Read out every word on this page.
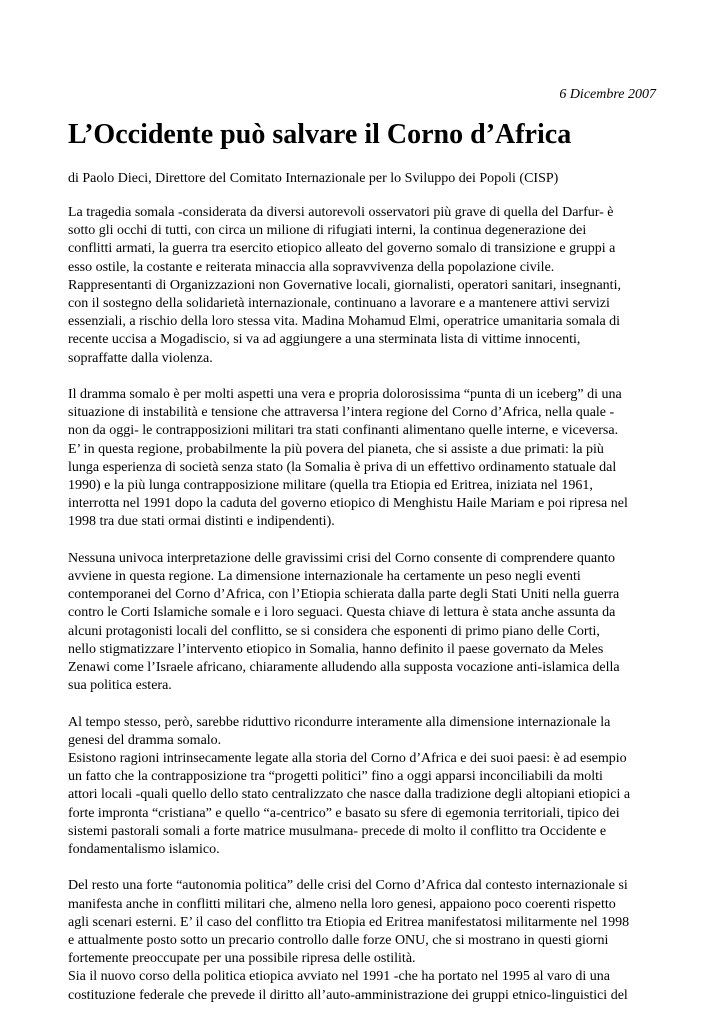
6 Dicembre 2007
L’Occidente può salvare il Corno d’Africa
di Paolo Dieci, Direttore del Comitato Internazionale per lo Sviluppo dei Popoli (CISP)
La tragedia somala -considerata da diversi autorevoli osservatori più grave di quella del Darfur- è
sotto gli occhi di tutti, con circa un milione di rifugiati interni, la continua degenerazione dei
conflitti armati, la guerra tra esercito etiopico alleato del governo somalo di transizione e gruppi a
esso ostile, la costante e reiterata minaccia alla sopravvivenza della popolazione civile.
Rappresentanti di Organizzazioni non Governative locali, giornalisti, operatori sanitari, insegnanti,
con il sostegno della solidarietà internazionale, continuano a lavorare e a mantenere attivi servizi
essenziali, a rischio della loro stessa vita. Madina Mohamud Elmi, operatrice umanitaria somala di
recente uccisa a Mogadiscio, si va ad aggiungere a una sterminata lista di vittime innocenti,
sopraffatte dalla violenza.
Il dramma somalo è per molti aspetti una vera e propria dolorosissima “punta di un iceberg” di una
situazione di instabilità e tensione che attraversa l’intera regione del Corno d’Africa, nella quale -
non da oggi- le contrapposizioni militari tra stati confinanti alimentano quelle interne, e viceversa.
E’ in questa regione, probabilmente la più povera del pianeta, che si assiste a due primati: la più
lunga esperienza di società senza stato (la Somalia è priva di un effettivo ordinamento statuale dal
1990) e la più lunga contrapposizione militare (quella tra Etiopia ed Eritrea, iniziata nel 1961,
interrotta nel 1991 dopo la caduta del governo etiopico di Menghistu Haile Mariam e poi ripresa nel
1998 tra due stati ormai distinti e indipendenti).
Nessuna univoca interpretazione delle gravissimi crisi del Corno consente di comprendere quanto
avviene in questa regione. La dimensione internazionale ha certamente un peso negli eventi
contemporanei del Corno d’Africa, con l’Etiopia schierata dalla parte degli Stati Uniti nella guerra
contro le Corti Islamiche somale e i loro seguaci. Questa chiave di lettura è stata anche assunta da
alcuni protagonisti locali del conflitto, se si considera che esponenti di primo piano delle Corti,
nello stigmatizzare l’intervento etiopico in Somalia, hanno definito il paese governato da Meles
Zenawi come l’Israele africano, chiaramente alludendo alla supposta vocazione anti-islamica della
sua politica estera.
Al tempo stesso, però, sarebbe riduttivo ricondurre interamente alla dimensione internazionale la
genesi del dramma somalo.
Esistono ragioni intrinsecamente legate alla storia del Corno d’Africa e dei suoi paesi: è ad esempio
un fatto che la contrapposizione tra “progetti politici” fino a oggi apparsi inconciliabili da molti
attori locali -quali quello dello stato centralizzato che nasce dalla tradizione degli altopiani etiopici a
forte impronta “cristiana” e quello “a-centrico” e basato su sfere di egemonia territoriali, tipico dei
sistemi pastorali somali a forte matrice musulmana- precede di molto il conflitto tra Occidente e
fondamentalismo islamico.
Del resto una forte “autonomia politica” delle crisi del Corno d’Africa dal contesto internazionale si
manifesta anche in conflitti militari che, almeno nella loro genesi, appaiono poco coerenti rispetto
agli scenari esterni. E’ il caso del conflitto tra Etiopia ed Eritrea manifestatosi militarmente nel 1998
e attualmente posto sotto un precario controllo dalle forze ONU, che si mostrano in questi giorni
fortemente preoccupate per una possibile ripresa delle ostilità.
Sia il nuovo corso della politica etiopica avviato nel 1991 -che ha portato nel 1995 al varo di una
costituzione federale che prevede il diritto all’auto-amministrazione dei gruppi etnico-linguistici del
